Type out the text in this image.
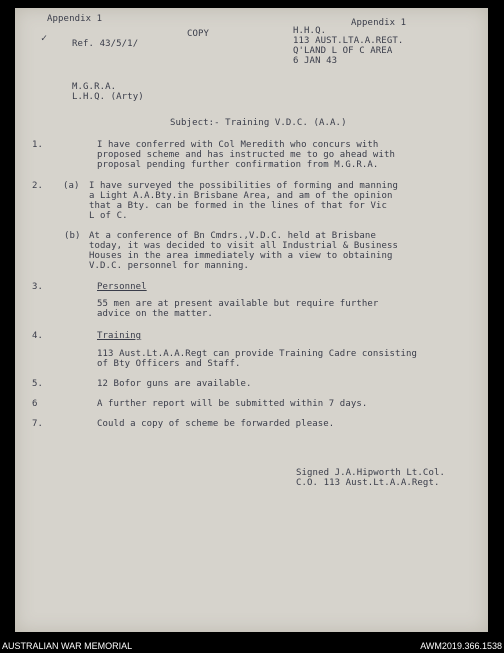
Appendix 1
✓	Ref. 43/5/1/
COPY	H.H.Q.
Appendix 1
113 AUST.LTA.A.REGT.
Q'LAND L OF C AREA
6 JAN 43
M.G.R.A.
L.H.Q. (Arty)
Subject:- Training V.D.C. (A.A.)
1.	I have conferred with Col Meredith who concurs with
proposed scheme and has instructed me to go ahead with
proposal pending further confirmation from M.G.R.A.
2. (a) I have surveyed the possibilities of forming and manning
a Light A.A.Bty.in Brisbane Area, and am of the opinion
that a Bty. can be formed in the lines of that for Vic
L of C.
(b) At a conference of Bn Cmdrs.,V.D.C. held at Brisbane
today, it was decided to visit all Industrial & Business
Houses in the area immediately with a view to obtaining
V.D.C. personnel for manning.
3.	Personnel
55 men are at present available but require further
advice on the matter.
4.	Training
113 Aust.Lt.A.A.Regt can provide Training Cadre consisting
of Bty Officers and Staff.
5.	12 Bofor guns are available.
6	A further report will be submitted within 7 days.
7.	Could a copy of scheme be forwarded please.
Signed J.A.Hipworth Lt.Col.
C.O. 113 Aust.Lt.A.A.Regt.
AUSTRALIAN WAR MEMORIAL	AWM2019.366.1538
